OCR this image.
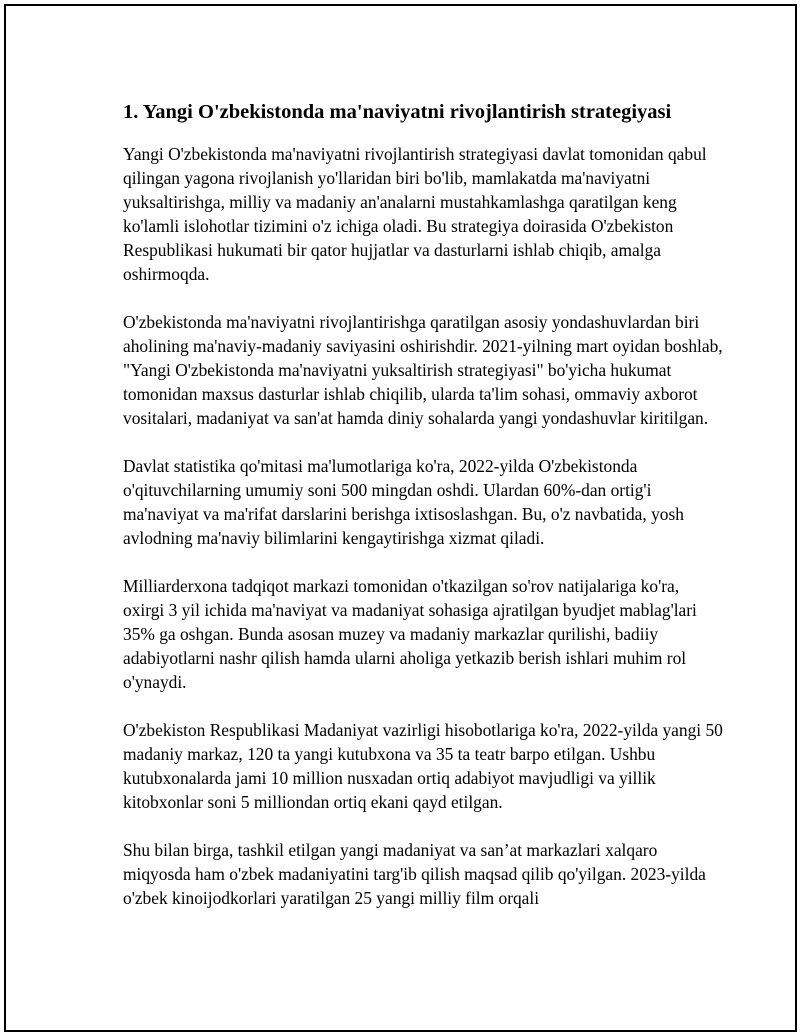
1. Yangi O'zbekistonda ma'naviyatni rivojlantirish strategiyasi

Yangi O'zbekistonda ma'naviyatni rivojlantirish strategiyasi davlat tomonidan qabul qilingan yagona rivojlanish yo'llaridan biri bo'lib, mamlakatda ma'naviyatni yuksaltirishga, milliy va madaniy an'analarni mustahkamlashga qaratilgan keng ko'lamli islohotlar tizimini o'z ichiga oladi. Bu strategiya doirasida O'zbekiston Respublikasi hukumati bir qator hujjatlar va dasturlarni ishlab chiqib, amalga oshirmoqda.

O'zbekistonda ma'naviyatni rivojlantirishga qaratilgan asosiy yondashuvlardan biri aholining ma'naviy-madaniy saviyasini oshirishdir. 2021-yilning mart oyidan boshlab, "Yangi O'zbekistonda ma'naviyatni yuksaltirish strategiyasi" bo'yicha hukumat tomonidan maxsus dasturlar ishlab chiqilib, ularda ta'lim sohasi, ommaviy axborot vositalari, madaniyat va san'at hamda diniy sohalarda yangi yondashuvlar kiritilgan.

Davlat statistika qo'mitasi ma'lumotlariga ko'ra, 2022-yilda O'zbekistonda o'qituvchilarning umumiy soni 500 mingdan oshdi. Ulardan 60%-dan ortig'i ma'naviyat va ma'rifat darslarini berishga ixtisoslashgan. Bu, o'z navbatida, yosh avlodning ma'naviy bilimlarini kengaytirishga xizmat qiladi.

Milliarderxona tadqiqot markazi tomonidan o'tkazilgan so'rov natijalariga ko'ra, oxirgi 3 yil ichida ma'naviyat va madaniyat sohasiga ajratilgan byudjet mablag'lari 35% ga oshgan. Bunda asosan muzey va madaniy markazlar qurilishi, badiiy adabiyotlarni nashr qilish hamda ularni aholiga yetkazib berish ishlari muhim rol o'ynaydi.

O'zbekiston Respublikasi Madaniyat vazirligi hisobotlariga ko'ra, 2022-yilda yangi 50 madaniy markaz, 120 ta yangi kutubxona va 35 ta teatr barpo etilgan. Ushbu kutubxonalarda jami 10 million nusxadan ortiq adabiyot mavjudligi va yillik kitobxonlar soni 5 milliondan ortiq ekani qayd etilgan.

Shu bilan birga, tashkil etilgan yangi madaniyat va san’at markazlari xalqaro miqyosda ham o'zbek madaniyatini targ'ib qilish maqsad qilib qo'yilgan. 2023-yilda o'zbek kinoijodkorlari yaratilgan 25 yangi milliy film orqali
